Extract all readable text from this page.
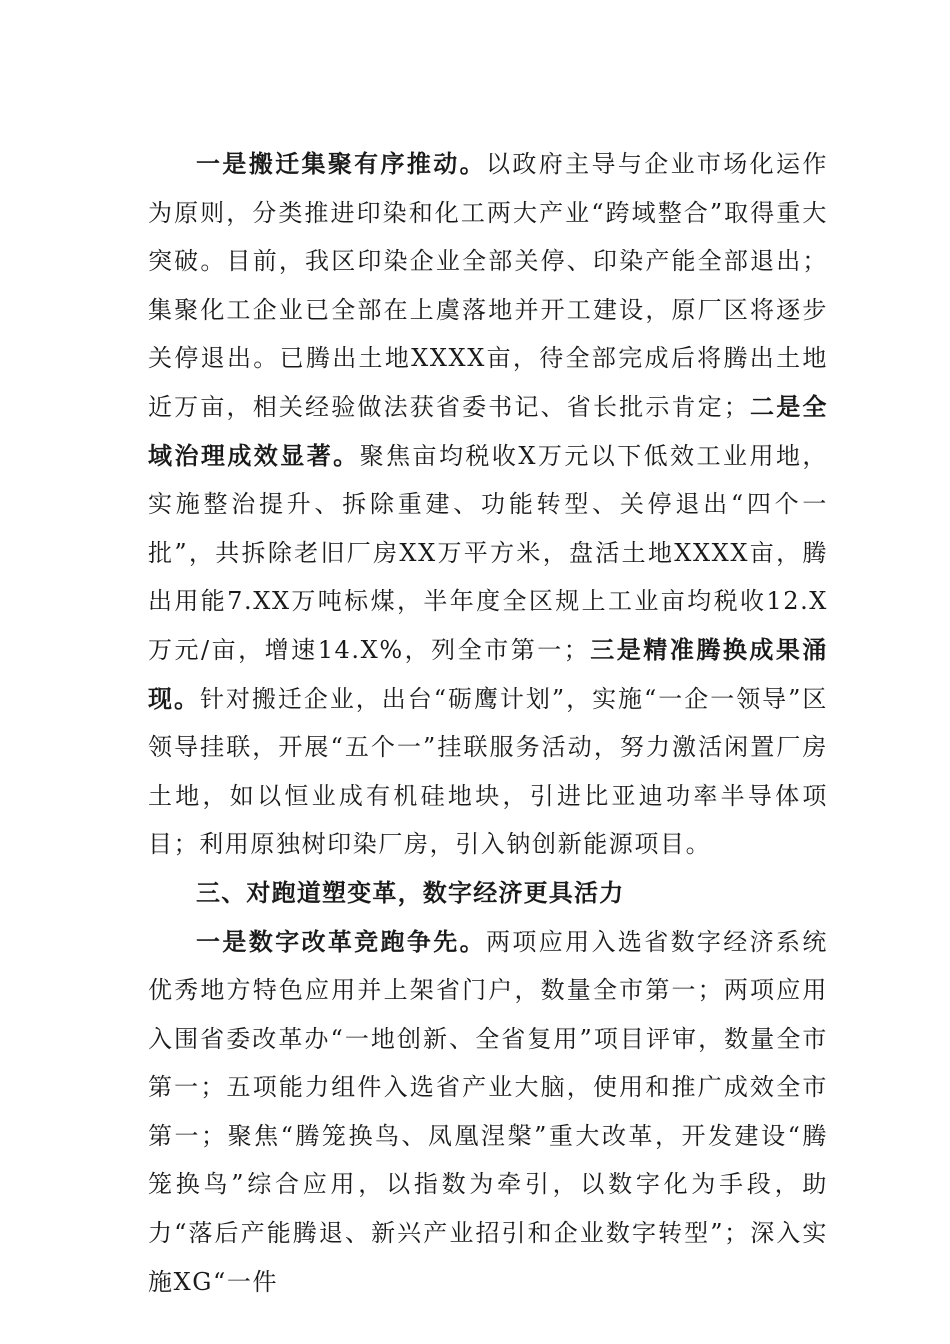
一是搬迁集聚有序推动。以政府主导与企业市场化运作为原则，分类推进印染和化工两大产业“跨域整合”取得重大突破。目前，我区印染企业全部关停、印染产能全部退出；集聚化工企业已全部在上虞落地并开工建设，原厂区将逐步关停退出。已腾出土地XXXX亩，待全部完成后将腾出土地近万亩，相关经验做法获省委书记、省长批示肯定；二是全域治理成效显著。聚焦亩均税收X万元以下低效工业用地，实施整治提升、拆除重建、功能转型、关停退出“四个一批”，共拆除老旧厂房XX万平方米，盘活土地XXXX亩，腾出用能7.XX万吨标煤，半年度全区规上工业亩均税收12.X万元/亩，增速14.X%，列全市第一；三是精准腾换成果涌现。针对搬迁企业，出台“砺鹰计划”，实施“一企一领导”区领导挂联，开展“五个一”挂联服务活动，努力激活闲置厂房土地，如以恒业成有机硅地块，引进比亚迪功率半导体项目；利用原独树印染厂房，引入钠创新能源项目。

三、对跑道塑变革，数字经济更具活力

一是数字改革竞跑争先。两项应用入选省数字经济系统优秀地方特色应用并上架省门户，数量全市第一；两项应用入围省委改革办“一地创新、全省复用”项目评审，数量全市第一；五项能力组件入选省产业大脑，使用和推广成效全市第一；聚焦“腾笼换鸟、凤凰涅槃”重大改革，开发建设“腾笼换鸟”综合应用，以指数为牵引，以数字化为手段，助力“落后产能腾退、新兴产业招引和企业数字转型”；深入实施XG“一件
